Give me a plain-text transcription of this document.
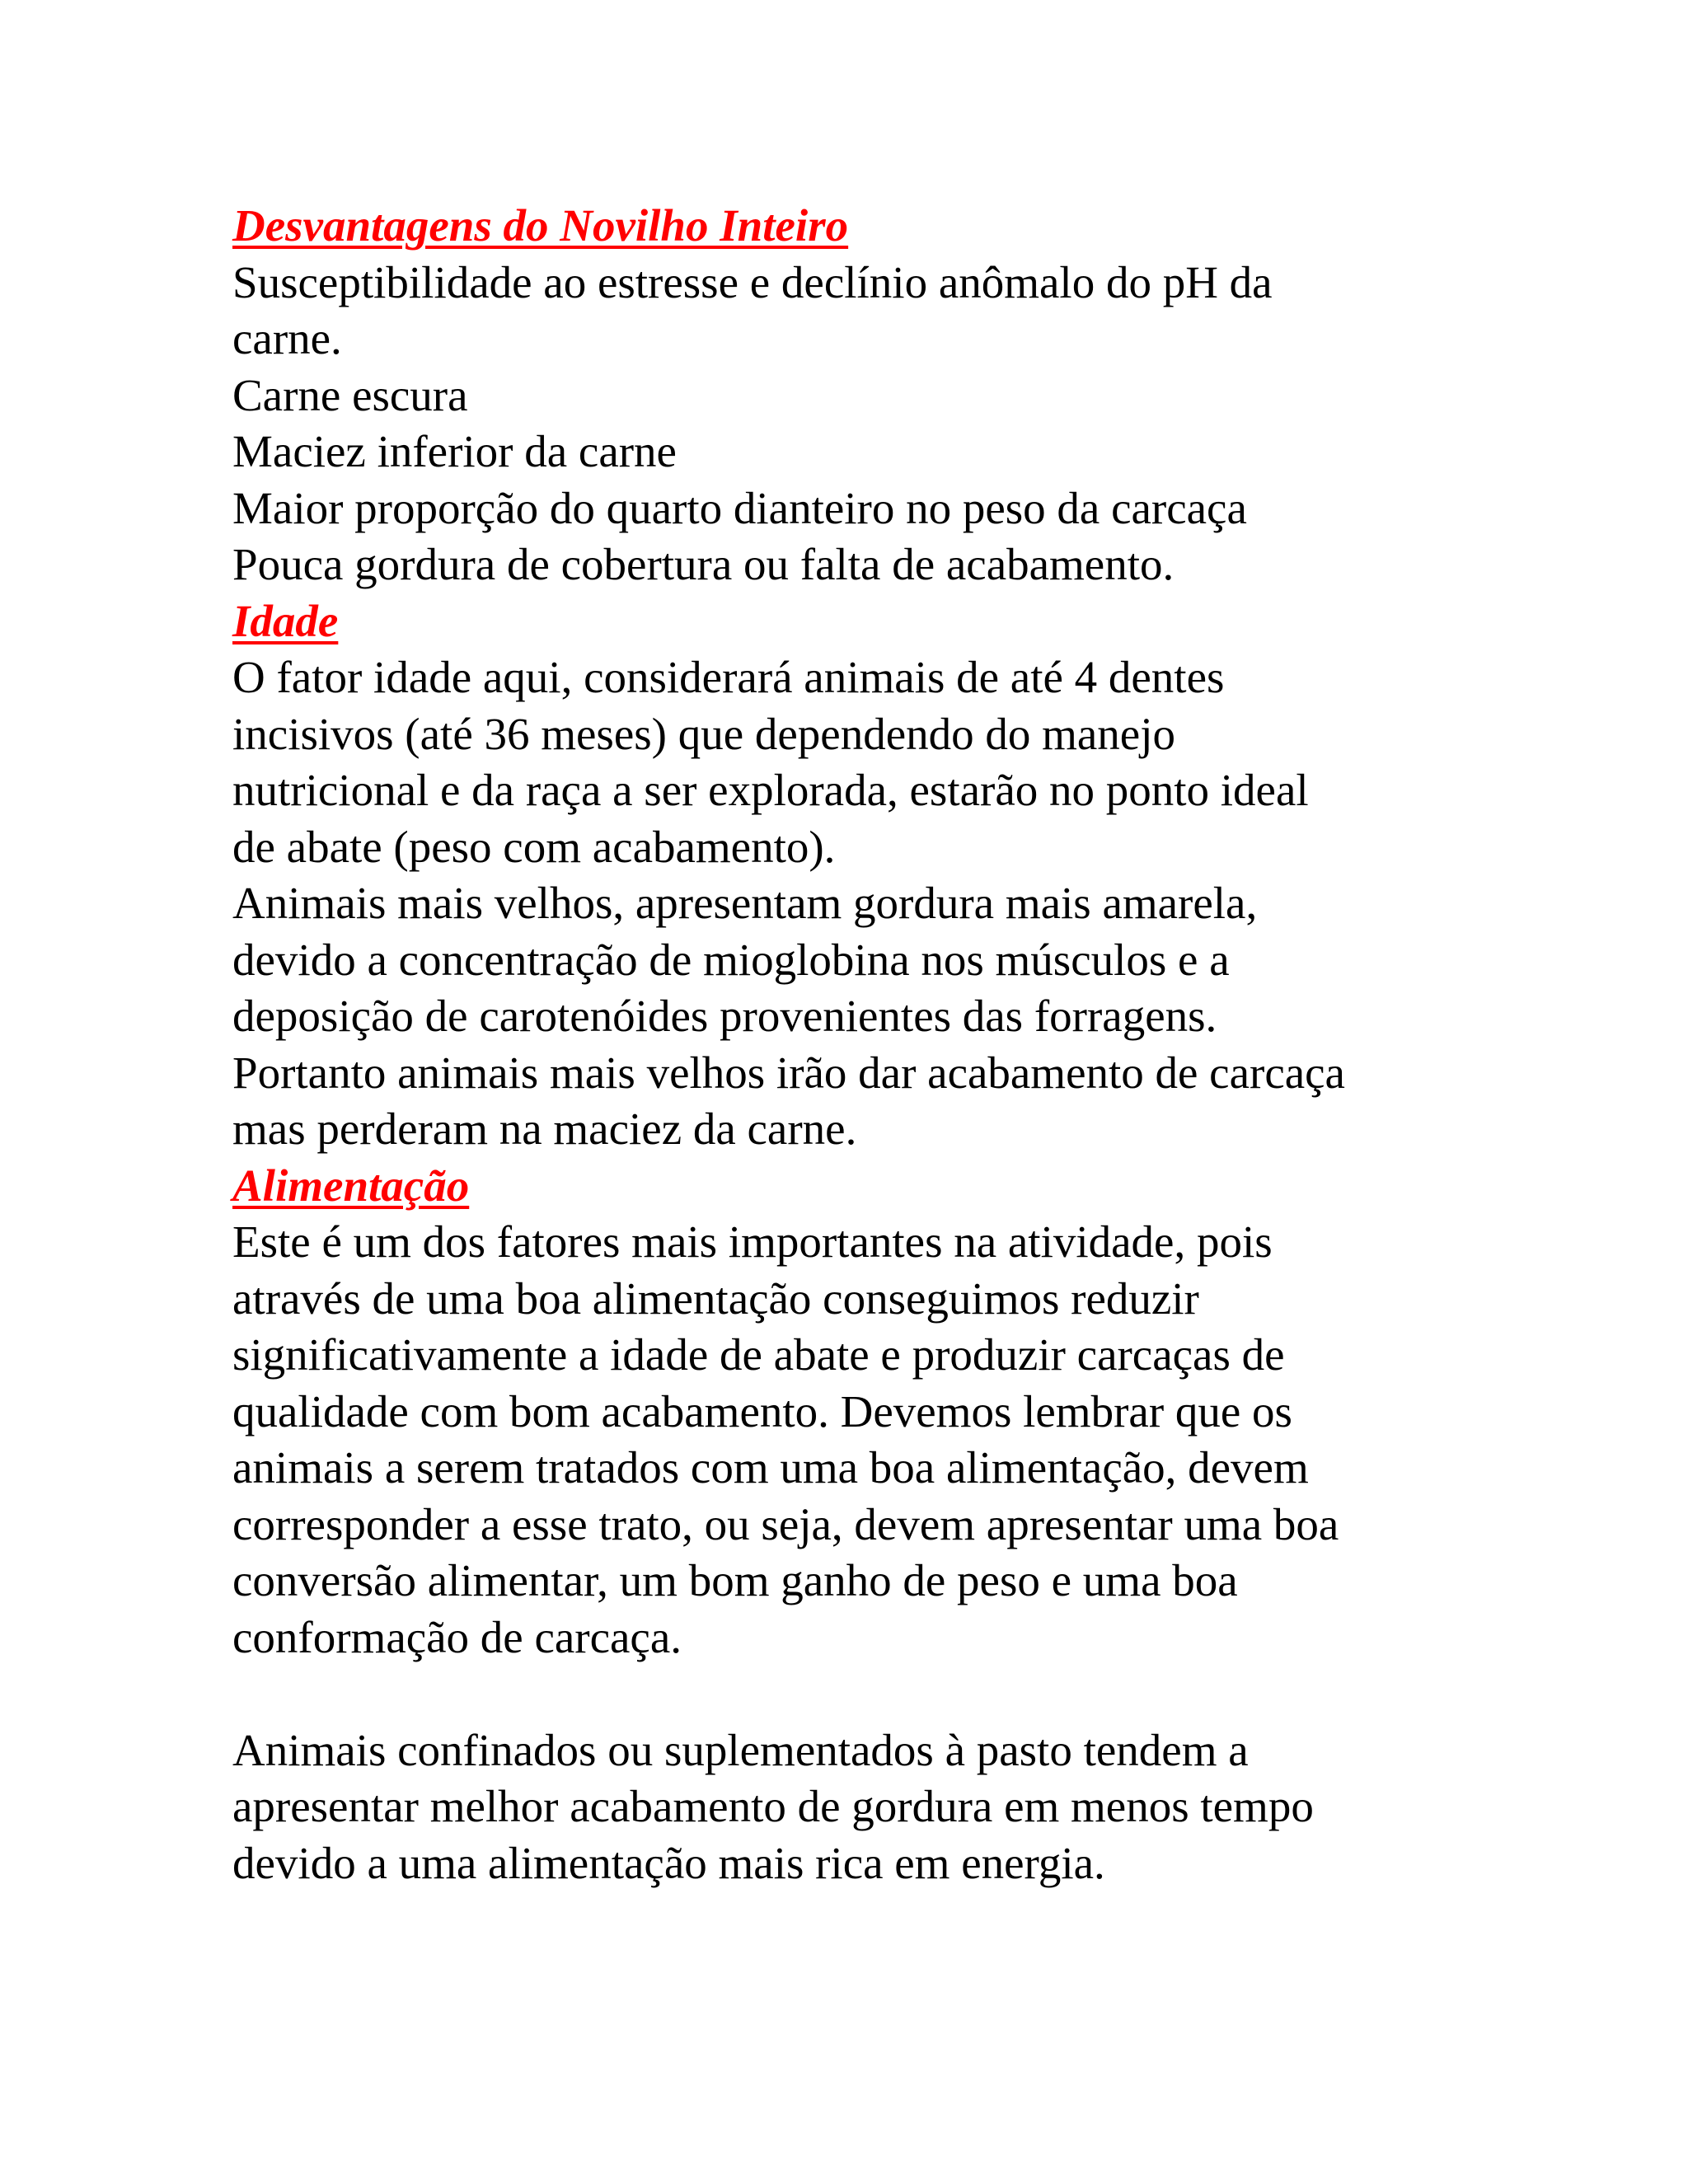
Desvantagens do Novilho Inteiro

Susceptibilidade ao estresse e declínio anômalo do pH da

carne.

Carne escura

Maciez inferior da carne

Maior proporção do quarto dianteiro no peso da carcaça

Pouca gordura de cobertura ou falta de acabamento.

Idade

O fator idade aqui, considerará animais de até 4 dentes

incisivos (até 36 meses) que dependendo do manejo

nutricional e da raça a ser explorada, estarão no ponto ideal

de abate (peso com acabamento).

Animais mais velhos, apresentam gordura mais amarela,

devido a concentração de mioglobina nos músculos e a

deposição de carotenóides provenientes das forragens.

Portanto animais mais velhos irão dar acabamento de carcaça

mas perderam na maciez da carne.

Alimentação

Este é um dos fatores mais importantes na atividade, pois

através de uma boa alimentação conseguimos reduzir

significativamente a idade de abate e produzir carcaças de

qualidade com bom acabamento. Devemos lembrar que os

animais a serem tratados com uma boa alimentação, devem

corresponder a esse trato, ou seja, devem apresentar uma boa

conversão alimentar, um bom ganho de peso e uma boa

conformação de carcaça.

Animais confinados ou suplementados à pasto tendem a

apresentar melhor acabamento de gordura em menos tempo

devido a uma alimentação mais rica em energia.
